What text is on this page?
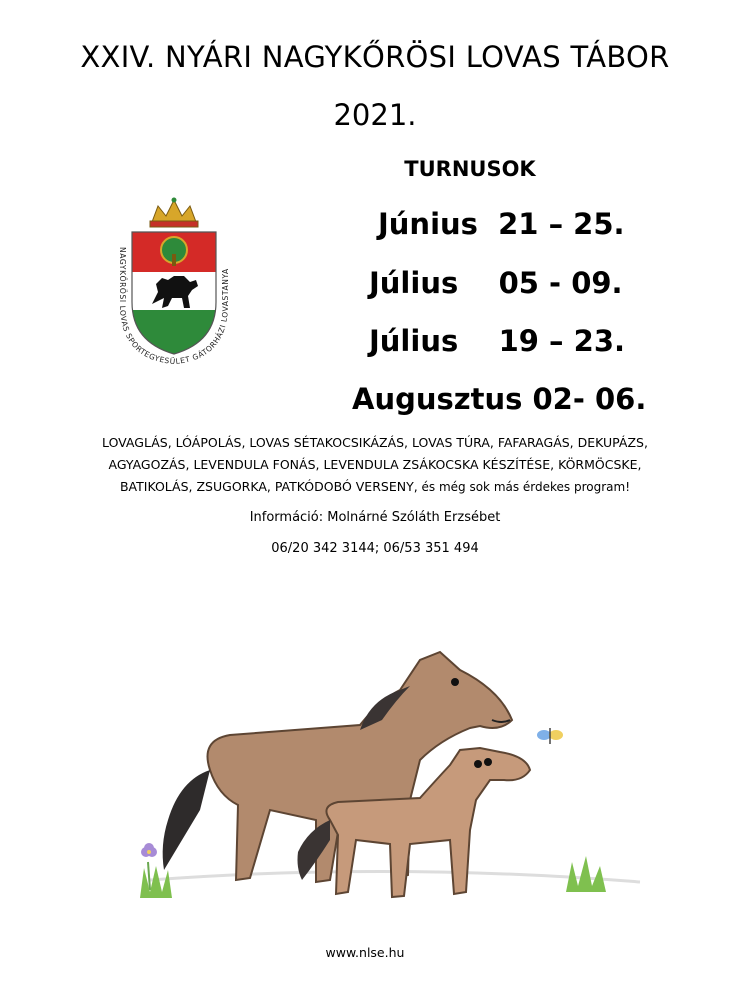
XXIV. NYÁRI NAGYKŐRÖSI LOVAS TÁBOR
2021.
NAGYKŐRÖSI LOVAS SPORTEGYESÜLET GÁTORHÁZI LOVASTANYA
TURNUSOK
Június  21 – 25.
Július    05 - 09.
Július    19 – 23.
Augusztus 02- 06.
LOVAGLÁS, LÓÁPOLÁS, LOVAS SÉTAKOCSIKÁZÁS, LOVAS TÚRA, FAFARAGÁS, DEKUPÁZS,
AGYAGOZÁS, LEVENDULA FONÁS, LEVENDULA ZSÁKOCSKA KÉSZÍTÉSE, KÖRMÖCSKE,
BATIKOLÁS, ZSUGORKA, PATKÓDOBÓ VERSENY, és még sok más érdekes program!
Információ: Molnárné Szóláth Erzsébet
06/20 342 3144; 06/53 351 494
www.nlse.hu
